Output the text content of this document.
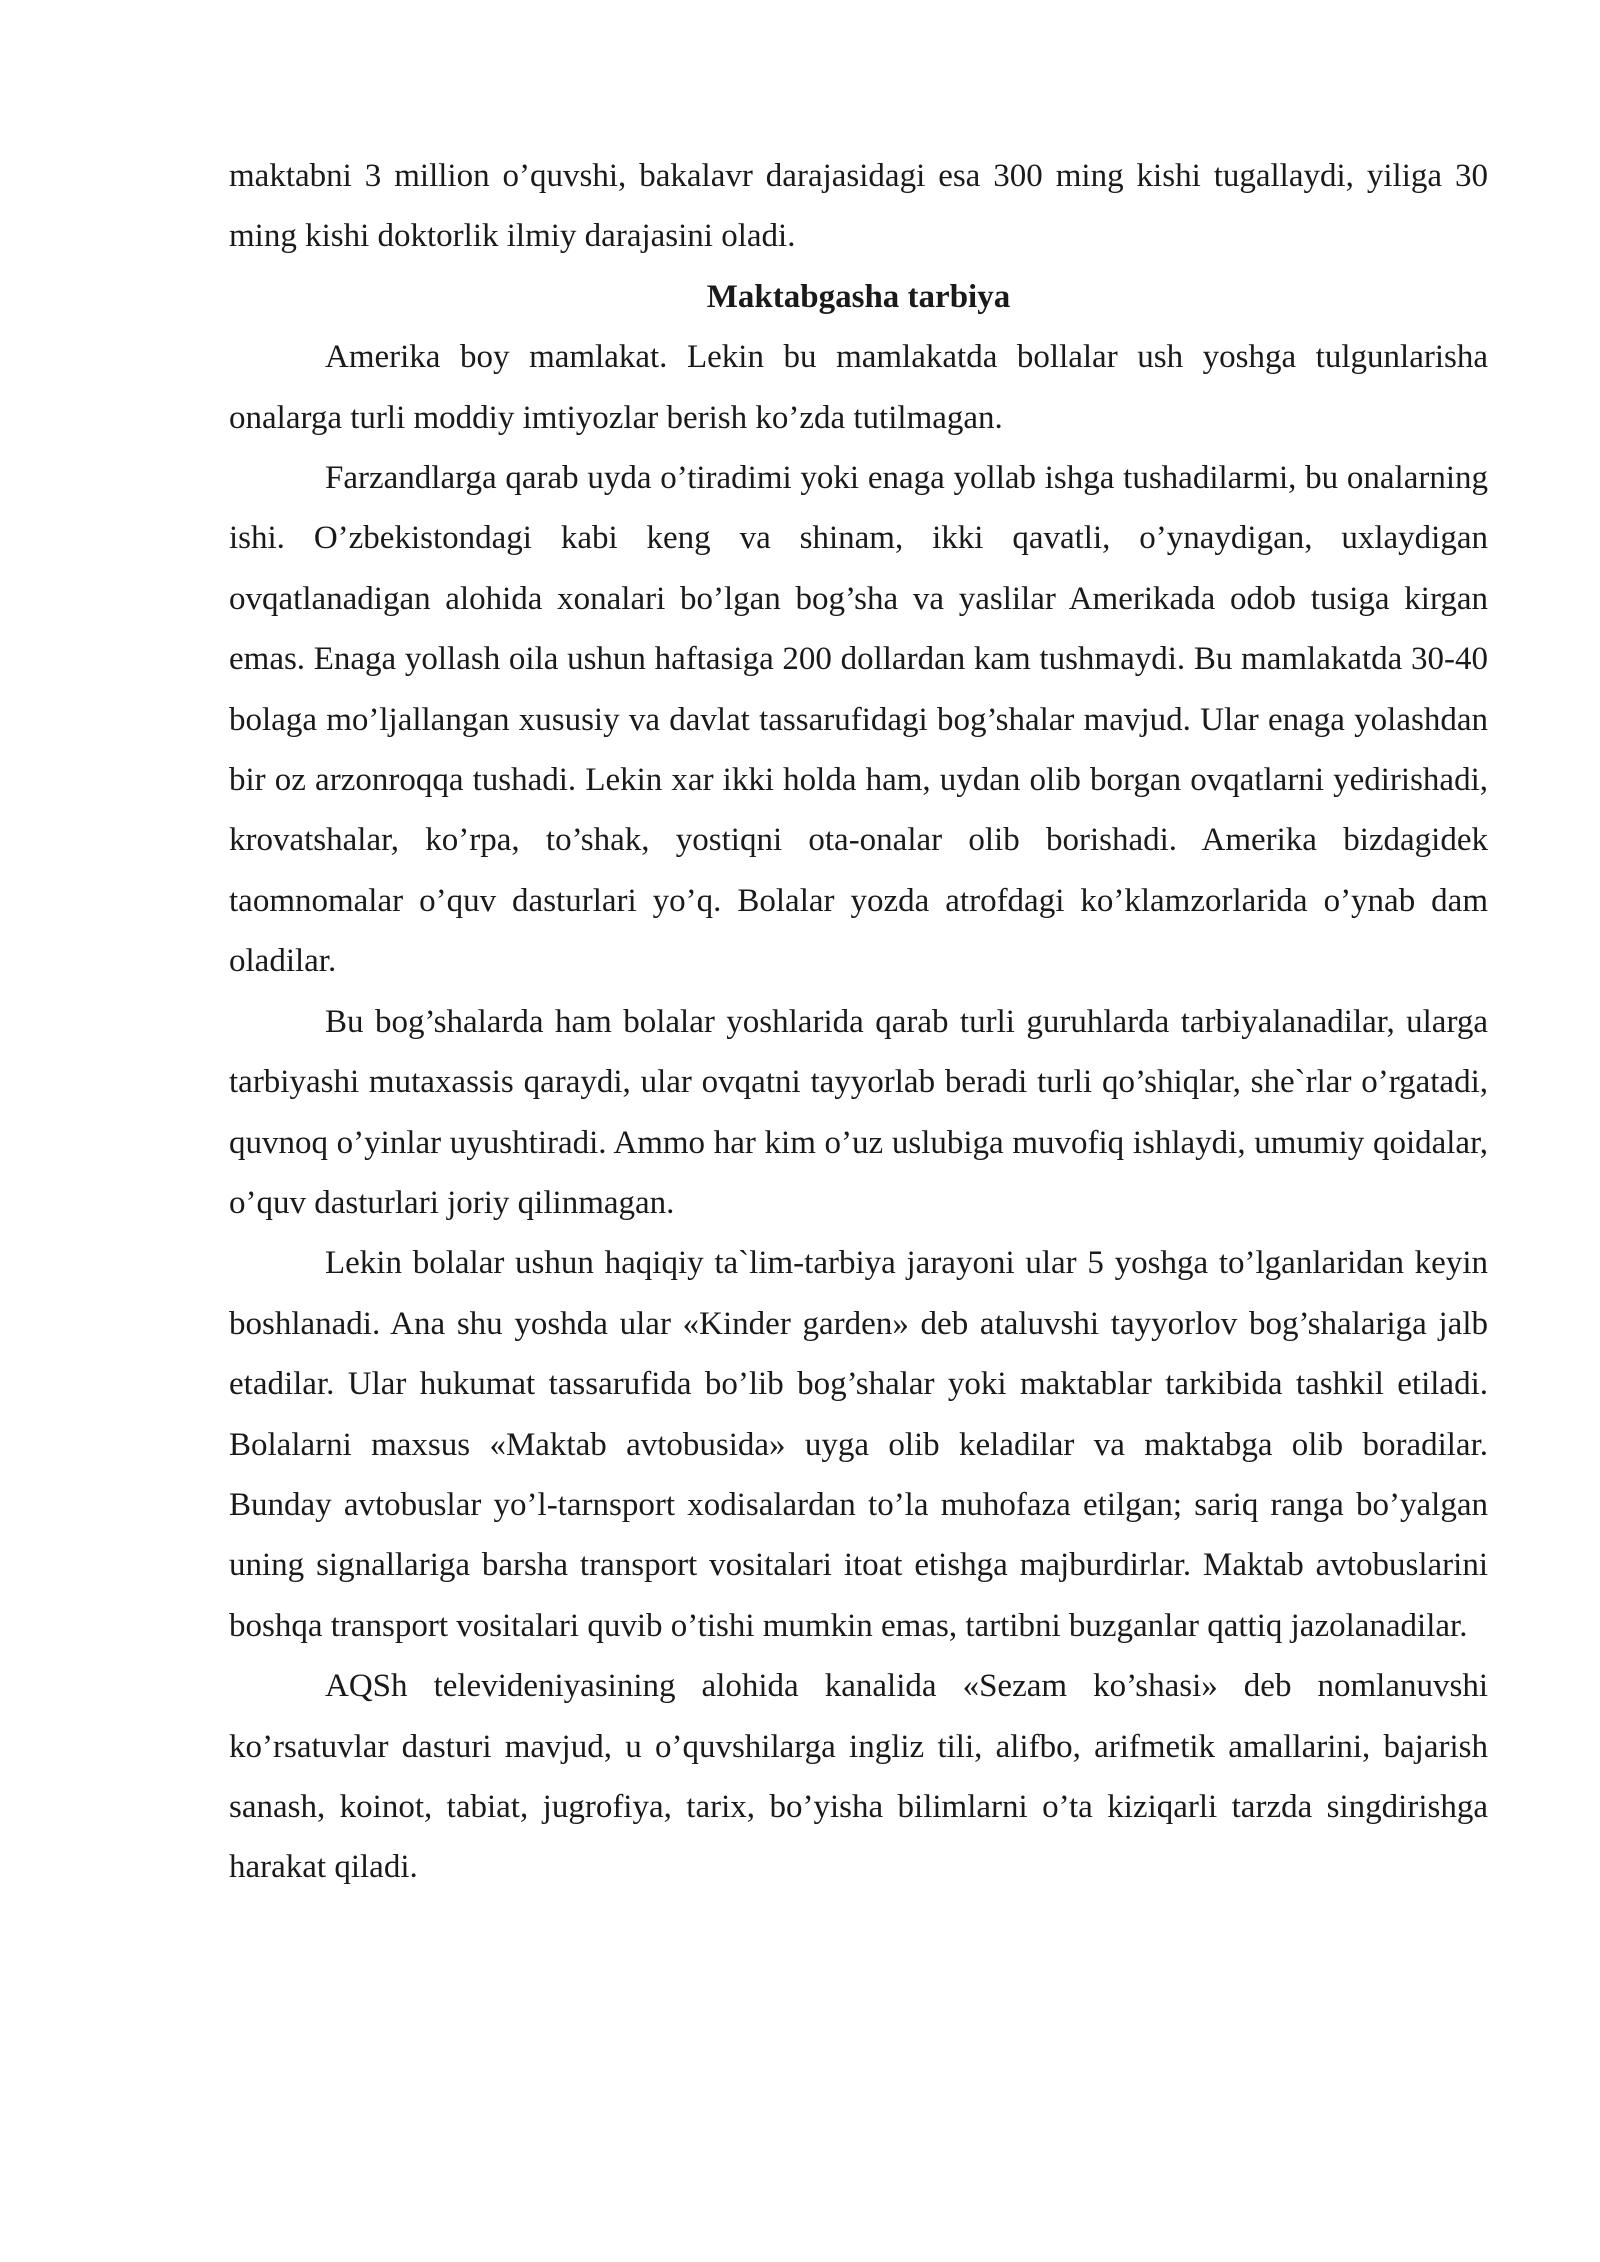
maktabni 3 million o’quvshi, bakalavr darajasidagi esa 300 ming kishi tugallaydi, yiliga 30 ming kishi doktorlik ilmiy darajasini oladi.

Maktabgasha tarbiya

Amerika boy mamlakat. Lekin bu mamlakatda bollalar ush yoshga tulgunlarisha onalarga turli moddiy imtiyozlar berish ko’zda tutilmagan.

Farzandlarga qarab uyda o’tiradimi yoki enaga yollab ishga tushadilarmi, bu onalarning ishi. O’zbekistondagi kabi keng va shinam, ikki qavatli, o’ynaydigan, uxlaydigan ovqatlanadigan alohida xonalari bo’lgan bog’sha va yaslilar Amerikada odob tusiga kirgan emas. Enaga yollash oila ushun haftasiga 200 dollardan kam tushmaydi. Bu mamlakatda 30-40 bolaga mo’ljallangan xususiy va davlat tassarufidagi bog’shalar mavjud. Ular enaga yolashdan bir oz arzonroqqa tushadi. Lekin xar ikki holda ham, uydan olib borgan ovqatlarni yedirishadi, krovatshalar, ko’rpa, to’shak, yostiqni ota-onalar olib borishadi. Amerika bizdagidek taomnomalar o’quv dasturlari yo’q. Bolalar yozda atrofdagi ko’klamzorlarida o’ynab dam oladilar.

Bu bog’shalarda ham bolalar yoshlarida qarab turli guruhlarda tarbiyalanadilar, ularga tarbiyashi mutaxassis qaraydi, ular ovqatni tayyorlab beradi turli qo’shiqlar, she`rlar o’rgatadi, quvnoq o’yinlar uyushtiradi. Ammo har kim o’uz uslubiga muvofiq ishlaydi, umumiy qoidalar, o’quv dasturlari joriy qilinmagan.

Lekin bolalar ushun haqiqiy ta`lim-tarbiya jarayoni ular 5 yoshga to’lganlaridan keyin boshlanadi. Ana shu yoshda ular «Kinder garden» deb ataluvshi tayyorlov bog’shalariga jalb etadilar. Ular hukumat tassarufida bo’lib bog’shalar yoki maktablar tarkibida tashkil etiladi. Bolalarni maxsus «Maktab avtobusida» uyga olib keladilar va maktabga olib boradilar. Bunday avtobuslar yo’l-tarnsport xodisalardan to’la muhofaza etilgan; sariq ranga bo’yalgan uning signallariga barsha transport vositalari itoat etishga majburdirlar. Maktab avtobuslarini boshqa transport vositalari quvib o’tishi mumkin emas, tartibni buzganlar qattiq jazolanadilar.

AQSh televideniyasining alohida kanalida «Sezam ko’shasi» deb nomlanuvshi ko’rsatuvlar dasturi mavjud, u o’quvshilarga ingliz tili, alifbo, arifmetik amallarini, bajarish sanash, koinot, tabiat, jugrofiya, tarix, bo’yisha bilimlarni o’ta kiziqarli tarzda singdirishga harakat qiladi.
